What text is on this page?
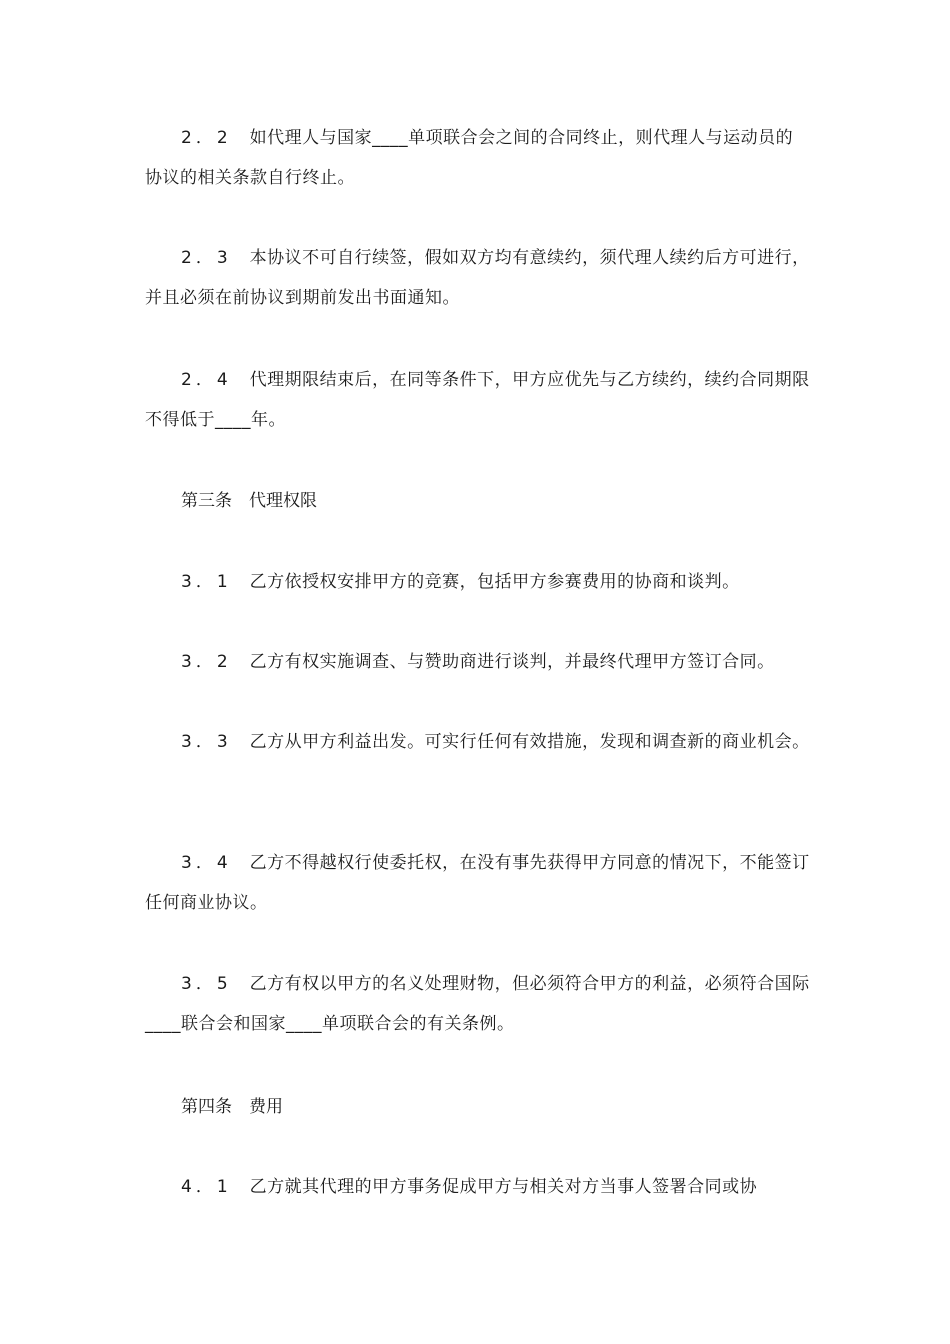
2．2 如代理人与国家____单项联合会之间的合同终止，则代理人与运动员的协议的相关条款自行终止。

2．3 本协议不可自行续签，假如双方均有意续约，须代理人续约后方可进行，并且必须在前协议到期前发出书面通知。

2．4 代理期限结束后，在同等条件下，甲方应优先与乙方续约，续约合同期限不得低于____年。

第三条　代理权限

3．1 乙方依授权安排甲方的竞赛，包括甲方参赛费用的协商和谈判。

3．2 乙方有权实施调查、与赞助商进行谈判，并最终代理甲方签订合同。

3．3 乙方从甲方利益出发。可实行任何有效措施，发现和调查新的商业机会。

3．4 乙方不得越权行使委托权，在没有事先获得甲方同意的情况下，不能签订任何商业协议。

3．5 乙方有权以甲方的名义处理财物，但必须符合甲方的利益，必须符合国际____联合会和国家____单项联合会的有关条例。

第四条　费用

4．1 乙方就其代理的甲方事务促成甲方与相关对方当事人签署合同或协
